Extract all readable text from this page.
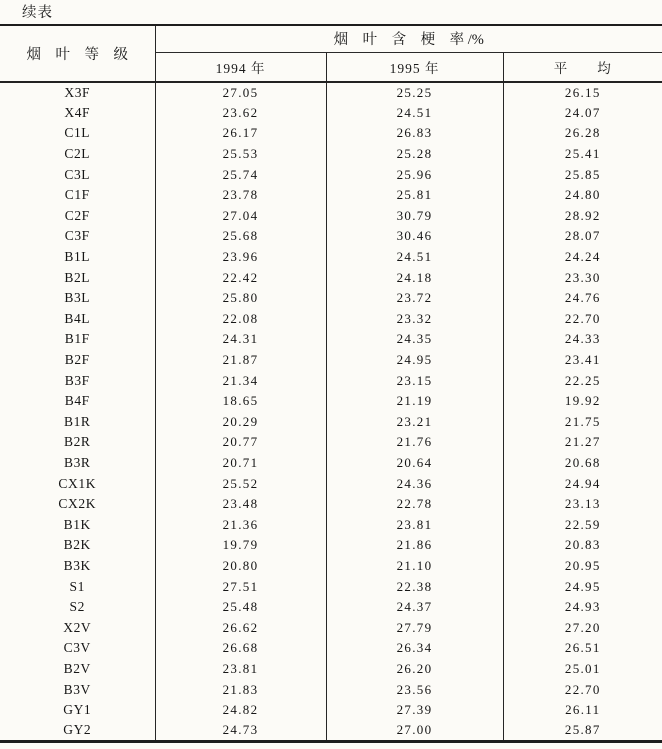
续表
烟　叶　等　级	烟　叶　含　梗　率 /%		
	1994 年	1995 年	平　　均
X3F	27.05	25.25	26.15
X4F	23.62	24.51	24.07
C1L	26.17	26.83	26.28
C2L	25.53	25.28	25.41
C3L	25.74	25.96	25.85
C1F	23.78	25.81	24.80
C2F	27.04	30.79	28.92
C3F	25.68	30.46	28.07
B1L	23.96	24.51	24.24
B2L	22.42	24.18	23.30
B3L	25.80	23.72	24.76
B4L	22.08	23.32	22.70
B1F	24.31	24.35	24.33
B2F	21.87	24.95	23.41
B3F	21.34	23.15	22.25
B4F	18.65	21.19	19.92
B1R	20.29	23.21	21.75
B2R	20.77	21.76	21.27
B3R	20.71	20.64	20.68
CX1K	25.52	24.36	24.94
CX2K	23.48	22.78	23.13
B1K	21.36	23.81	22.59
B2K	19.79	21.86	20.83
B3K	20.80	21.10	20.95
S1	27.51	22.38	24.95
S2	25.48	24.37	24.93
X2V	26.62	27.79	27.20
C3V	26.68	26.34	26.51
B2V	23.81	26.20	25.01
B3V	21.83	23.56	22.70
GY1	24.82	27.39	26.11
GY2	24.73	27.00	25.87
